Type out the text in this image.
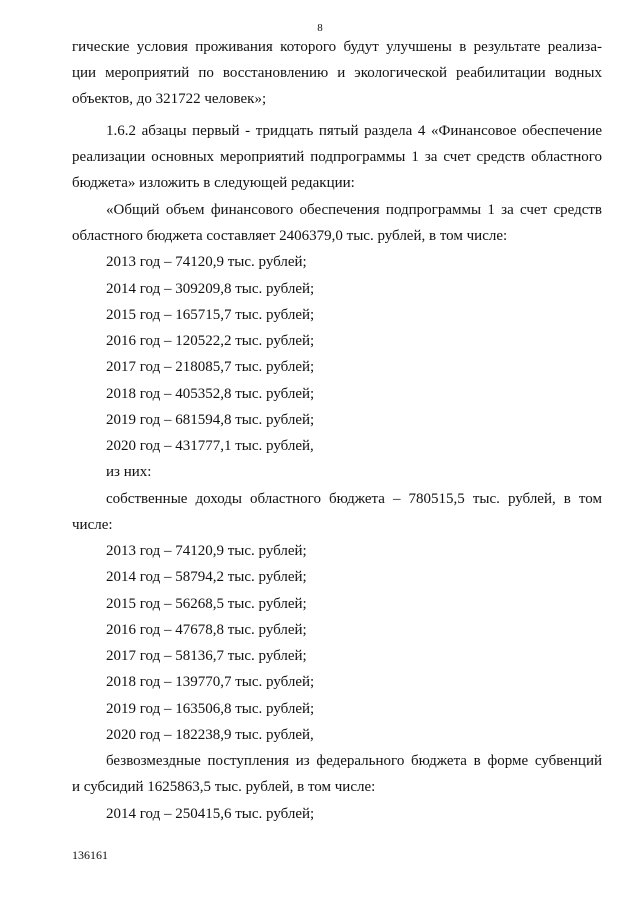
8
гические условия проживания которого будут улучшены в результате реализа-
ции мероприятий по восстановлению и экологической реабилитации водных
объектов, до 321722 человек»;
1.6.2 абзацы первый - тридцать пятый раздела 4 «Финансовое обеспечение
реализации основных мероприятий подпрограммы 1 за счет средств областного
бюджета» изложить в следующей редакции:
«Общий объем финансового обеспечения подпрограммы 1 за счет средств
областного бюджета составляет 2406379,0 тыс. рублей, в том числе:
2013 год – 74120,9 тыс. рублей;
2014 год – 309209,8 тыс. рублей;
2015 год – 165715,7 тыс. рублей;
2016 год – 120522,2 тыс. рублей;
2017 год – 218085,7 тыс. рублей;
2018 год – 405352,8 тыс. рублей;
2019 год – 681594,8 тыс. рублей;
2020 год – 431777,1 тыс. рублей,
из них:
собственные доходы областного бюджета – 780515,5 тыс. рублей, в том
числе:
2013 год – 74120,9 тыс. рублей;
2014 год – 58794,2 тыс. рублей;
2015 год – 56268,5 тыс. рублей;
2016 год – 47678,8 тыс. рублей;
2017 год – 58136,7 тыс. рублей;
2018 год – 139770,7 тыс. рублей;
2019 год – 163506,8 тыс. рублей;
2020 год – 182238,9 тыс. рублей,
безвозмездные поступления из федерального бюджета в форме субвенций
и субсидий 1625863,5 тыс. рублей, в том числе:
2014 год – 250415,6 тыс. рублей;
136161
